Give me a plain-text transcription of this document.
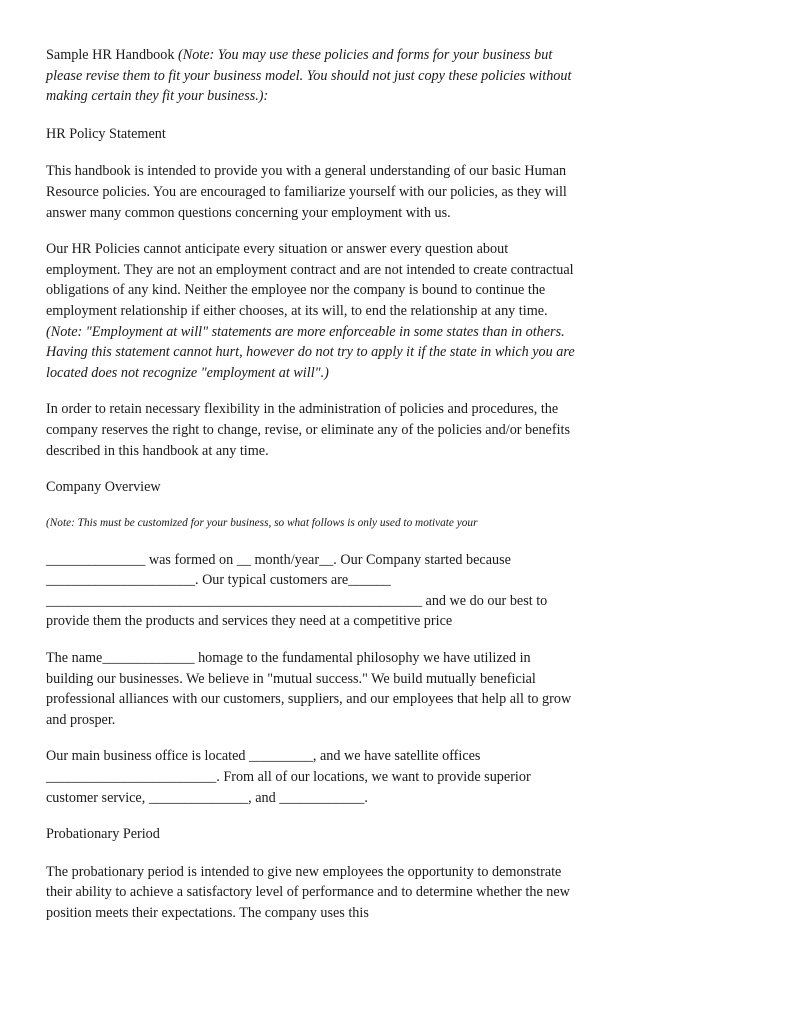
Sample HR Handbook (Note: You may use these policies and forms for your business but please revise them to fit your business model. You should not just copy these policies without making certain they fit your business.):

HR Policy Statement

This handbook is intended to provide you with a general understanding of our basic Human Resource policies. You are encouraged to familiarize yourself with our policies, as they will answer many common questions concerning your employment with us.

Our HR Policies cannot anticipate every situation or answer every question about employment. They are not an employment contract and are not intended to create contractual obligations of any kind. Neither the employee nor the company is bound to continue the employment relationship if either chooses, at its will, to end the relationship at any time. (Note: "Employment at will" statements are more enforceable in some states than in others. Having this statement cannot hurt, however do not try to apply it if the state in which you are located does not recognize "employment at will".)

In order to retain necessary flexibility in the administration of policies and procedures, the company reserves the right to change, revise, or eliminate any of the policies and/or benefits described in this handbook at any time.

Company Overview

(Note: This must be customized for your business, so what follows is only used to motivate your

______________ was formed on __ month/year__. Our Company started because _____________________. Our typical customers are______ _____________________________________________________ and we do our best to provide them the products and services they need at a competitive price

The name_____________ homage to the fundamental philosophy we have utilized in building our businesses. We believe in "mutual success." We build mutually beneficial professional alliances with our customers, suppliers, and our employees that help all to grow and prosper.

Our main business office is located _________, and we have satellite offices ________________________. From all of our locations, we want to provide superior customer service, ______________, and ____________.

Probationary Period

The probationary period is intended to give new employees the opportunity to demonstrate their ability to achieve a satisfactory level of performance and to determine whether the new position meets their expectations. The company uses this
